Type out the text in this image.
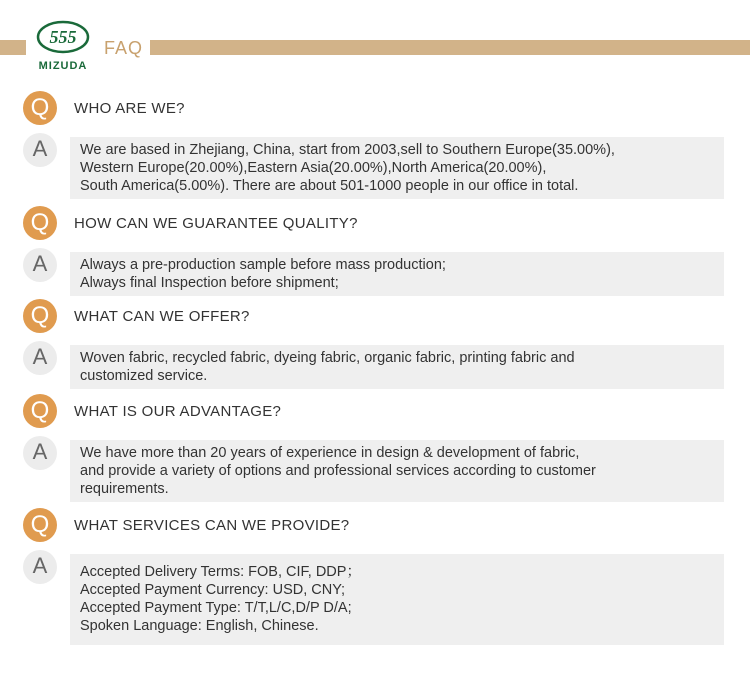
555
MIZUDA
FAQ
Q	WHO ARE WE?
A	We are based in Zhejiang, China, start from 2003,sell to Southern Europe(35.00%),
Western Europe(20.00%),Eastern Asia(20.00%),North America(20.00%),
South America(5.00%). There are about 501-1000 people in our office in total.
Q	HOW CAN WE GUARANTEE QUALITY?
A	Always a pre-production sample before mass production;
Always final Inspection before shipment;
Q	WHAT CAN WE OFFER?
A	Woven fabric, recycled fabric, dyeing fabric, organic fabric, printing fabric and
customized service.
Q	WHAT IS OUR ADVANTAGE?
A	We have more than 20 years of experience in design & development of fabric,
and provide a variety of options and professional services according to customer
requirements.
Q	WHAT SERVICES CAN WE PROVIDE?
A	Accepted Delivery Terms: FOB, CIF, DDP；
Accepted Payment Currency: USD, CNY;
Accepted Payment Type: T/T,L/C,D/P D/A;
Spoken Language: English, Chinese.
